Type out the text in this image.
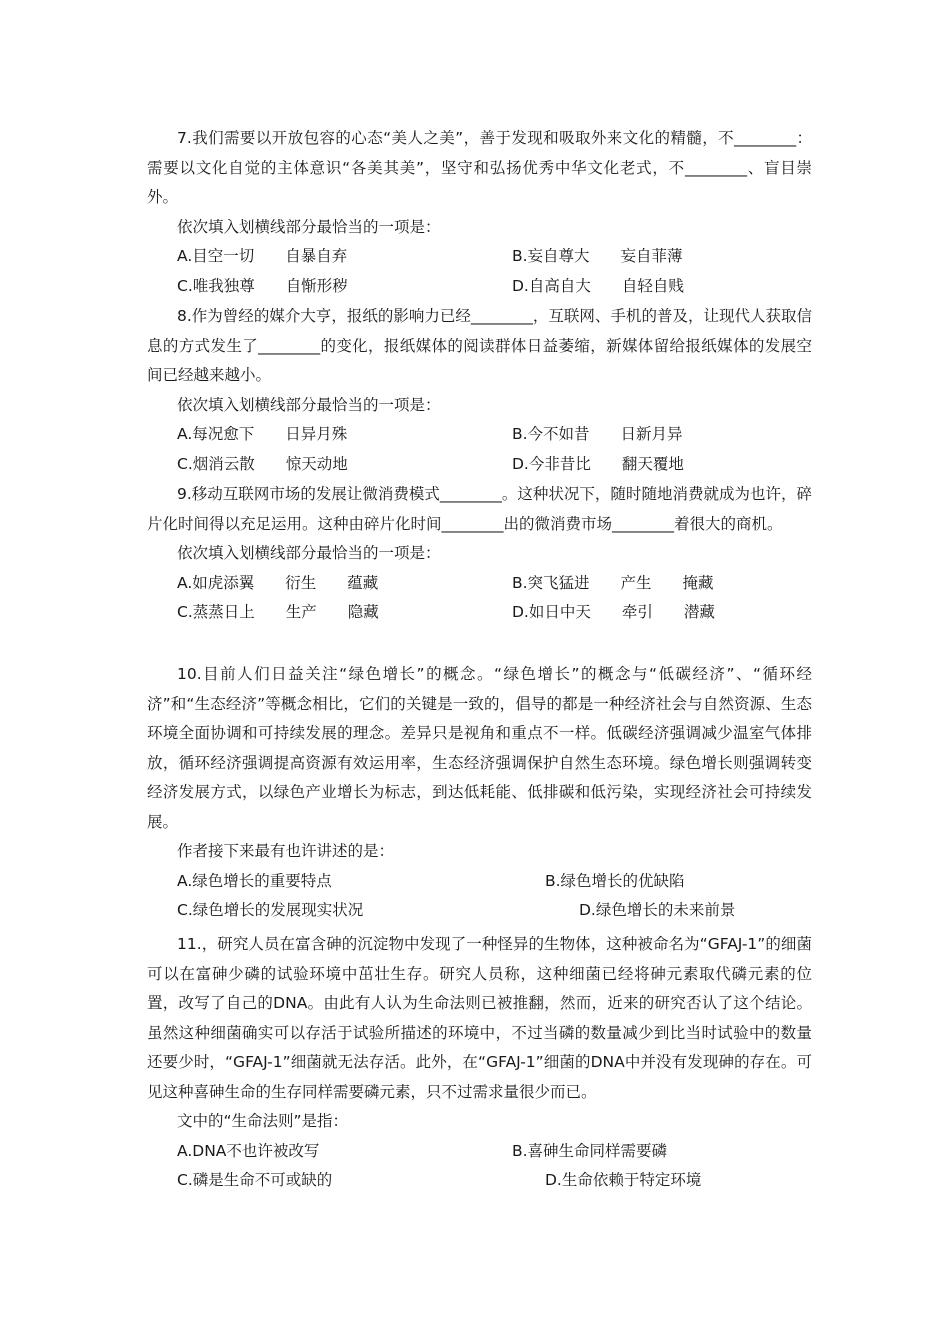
7.我们需要以开放包容的心态“美人之美”，善于发现和吸取外来文化的精髓，不________：需要以文化自觉的主体意识“各美其美”，坚守和弘扬优秀中华文化老式，不________、盲目崇外。

依次填入划横线部分最恰当的一项是：

A.目空一切　　自暴自弃	B.妄自尊大　　妄自菲薄
C.唯我独尊　　自惭形秽	D.自高自大　　自轻自贱

8.作为曾经的媒介大亨，报纸的影响力已经________，互联网、手机的普及，让现代人获取信息的方式发生了________的变化，报纸媒体的阅读群体日益萎缩，新媒体留给报纸媒体的发展空间已经越来越小。

依次填入划横线部分最恰当的一项是：

A.每况愈下　　日异月殊	B.今不如昔　　日新月异
C.烟消云散　　惊天动地	D.今非昔比　　翻天覆地

9.移动互联网市场的发展让微消费模式________。这种状况下，随时随地消费就成为也许，碎片化时间得以充足运用。这种由碎片化时间________出的微消费市场________着很大的商机。

依次填入划横线部分最恰当的一项是：

A.如虎添翼　　衍生　　蕴藏	B.突飞猛进　　产生　　掩藏
C.蒸蒸日上　　生产　　隐藏	D.如日中天　　牵引　　潜藏

10.目前人们日益关注“绿色增长”的概念。“绿色增长”的概念与“低碳经济”、“循环经济”和“生态经济”等概念相比，它们的关键是一致的，倡导的都是一种经济社会与自然资源、生态环境全面协调和可持续发展的理念。差异只是视角和重点不一样。低碳经济强调减少温室气体排放，循环经济强调提高资源有效运用率，生态经济强调保护自然生态环境。绿色增长则强调转变经济发展方式，以绿色产业增长为标志，到达低耗能、低排碳和低污染，实现经济社会可持续发展。

作者接下来最有也许讲述的是：

A.绿色增长的重要特点	B.绿色增长的优缺陷
C.绿色增长的发展现实状况	D.绿色增长的未来前景

11.，研究人员在富含砷的沉淀物中发现了一种怪异的生物体，这种被命名为“GFAJ-1”的细菌可以在富砷少磷的试验环境中茁壮生存。研究人员称，这种细菌已经将砷元素取代磷元素的位置，改写了自己的DNA。由此有人认为生命法则已被推翻，然而，近来的研究否认了这个结论。虽然这种细菌确实可以存活于试验所描述的环境中，不过当磷的数量减少到比当时试验中的数量还要少时，“GFAJ-1”细菌就无法存活。此外，在“GFAJ-1”细菌的DNA中并没有发现砷的存在。可见这种喜砷生命的生存同样需要磷元素，只不过需求量很少而已。

文中的“生命法则”是指：

A.DNA不也许被改写	B.喜砷生命同样需要磷
C.磷是生命不可或缺的	D.生命依赖于特定环境
